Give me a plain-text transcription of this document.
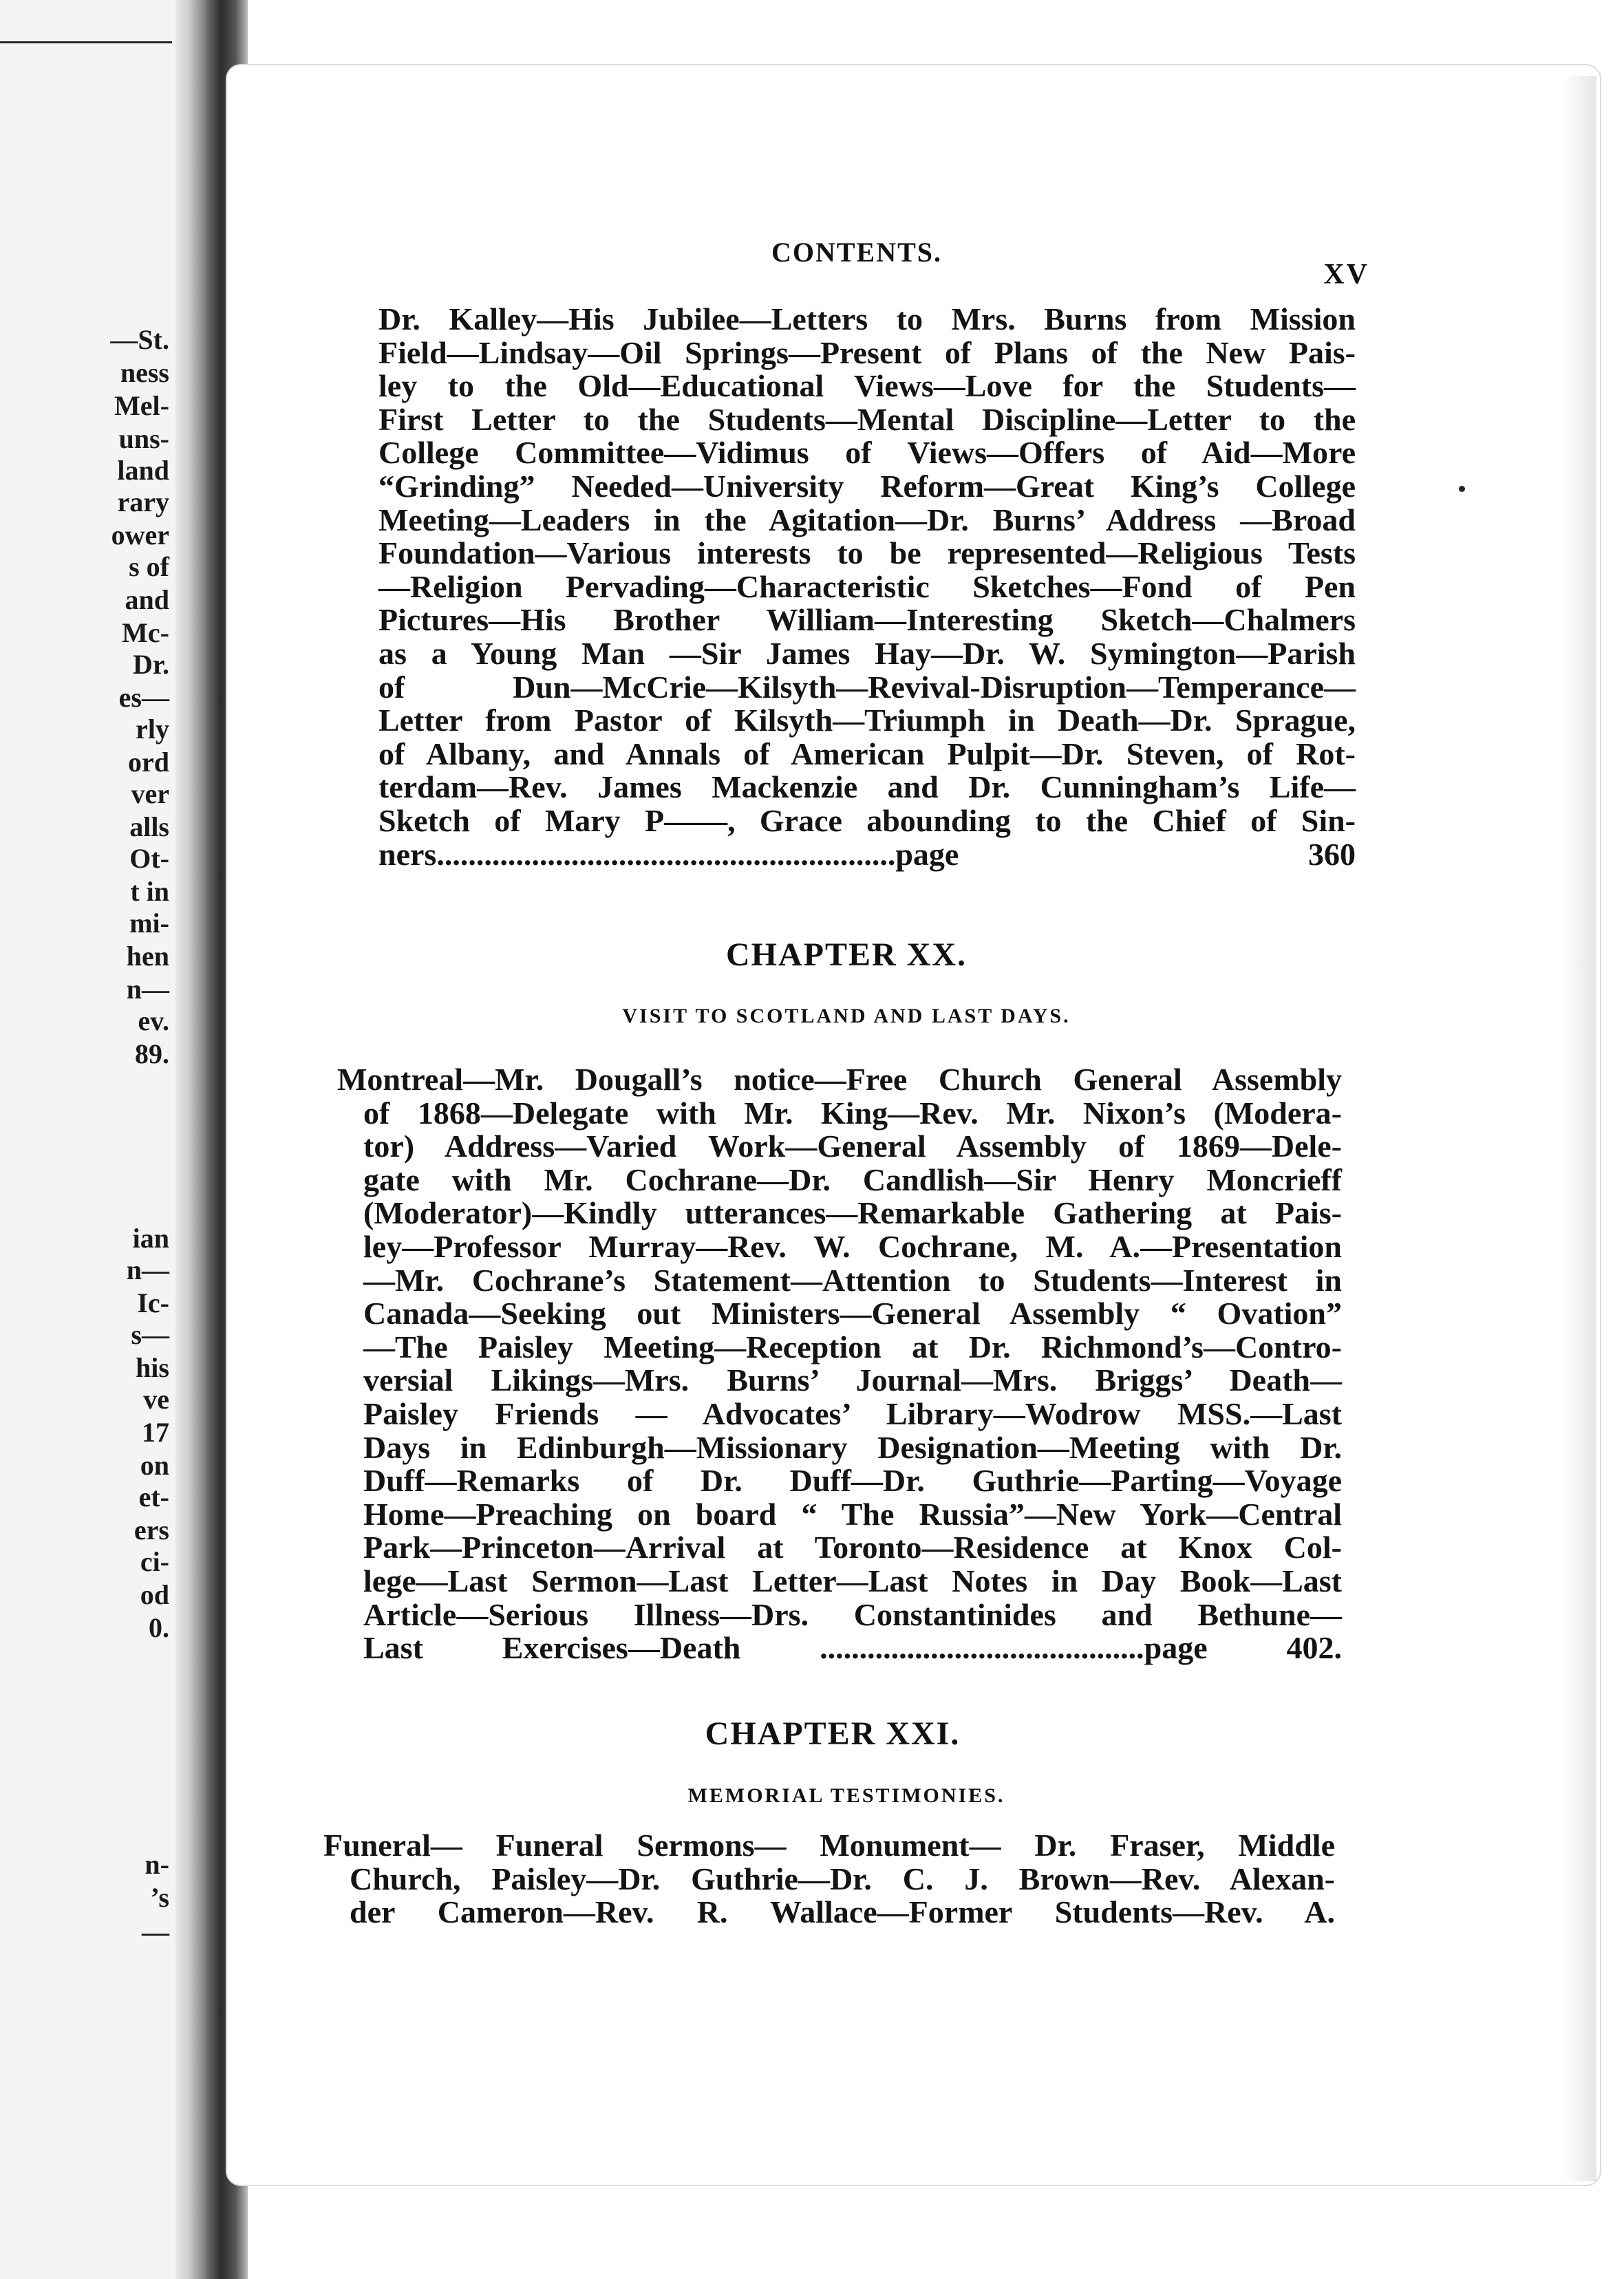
—St.
ness
Mel-
uns-
land
rary
ower
s of
and
Mc-
Dr.
es—
rly
ord
ver
alls
Ot-
t in
mi-
hen
n—
ev.
89.
ian
n—
Ic-
s—
his
ve
17
on
et-
ers
ci-
od
0.
n-
’s
—
CONTENTS.
XV
Dr. Kalley—His Jubilee—Letters to Mrs. Burns from Mission
Field—Lindsay—Oil Springs—Present of Plans of the New Pais-
ley to the Old—Educational Views—Love for the Students—
First Letter to the Students—Mental Discipline—Letter to the
College Committee—Vidimus of Views—Offers of Aid—More
“Grinding” Needed—University Reform—Great King’s College
Meeting—Leaders in the Agitation—Dr. Burns’ Address —Broad
Foundation—Various interests to be represented—Religious Tests
—Religion Pervading—Characteristic Sketches—Fond of Pen
Pictures—His Brother William—Interesting Sketch—Chalmers
as a Young Man —Sir James Hay—Dr. W. Symington—Parish
of Dun—McCrie—Kilsyth—Revival-Disruption—Temperance—
Letter from Pastor of Kilsyth—Triumph in Death—Dr. Sprague,
of Albany, and Annals of American Pulpit—Dr. Steven, of Rot-
terdam—Rev. James Mackenzie and Dr. Cunningham’s Life—
Sketch of Mary P——, Grace abounding to the Chief of Sin-
ners..........................................................page 360
CHAPTER XX.
VISIT TO SCOTLAND AND LAST DAYS.
Montreal—Mr. Dougall’s notice—Free Church General Assembly
of 1868—Delegate with Mr. King—Rev. Mr. Nixon’s (Modera-
tor) Address—Varied Work—General Assembly of 1869—Dele-
gate with Mr. Cochrane—Dr. Candlish—Sir Henry Moncrieff
(Moderator)—Kindly utterances—Remarkable Gathering at Pais-
ley—Professor Murray—Rev. W. Cochrane, M. A.—Presentation
—Mr. Cochrane’s Statement—Attention to Students—Interest in
Canada—Seeking out Ministers—General Assembly “ Ovation”
—The Paisley Meeting—Reception at Dr. Richmond’s—Contro-
versial Likings—Mrs. Burns’ Journal—Mrs. Briggs’ Death—
Paisley Friends — Advocates’ Library—Wodrow MSS.—Last
Days in Edinburgh—Missionary Designation—Meeting with Dr.
Duff—Remarks of Dr. Duff—Dr. Guthrie—Parting—Voyage
Home—Preaching on board “ The Russia”—New York—Central
Park—Princeton—Arrival at Toronto—Residence at Knox Col-
lege—Last Sermon—Last Letter—Last Notes in Day Book—Last
Article—Serious Illness—Drs. Constantinides and Bethune—
Last Exercises—Death .........................................page 402.
CHAPTER XXI.
MEMORIAL TESTIMONIES.
Funeral— Funeral Sermons— Monument— Dr. Fraser, Middle
Church, Paisley—Dr. Guthrie—Dr. C. J. Brown—Rev. Alexan-
der Cameron—Rev. R. Wallace—Former Students—Rev. A.
